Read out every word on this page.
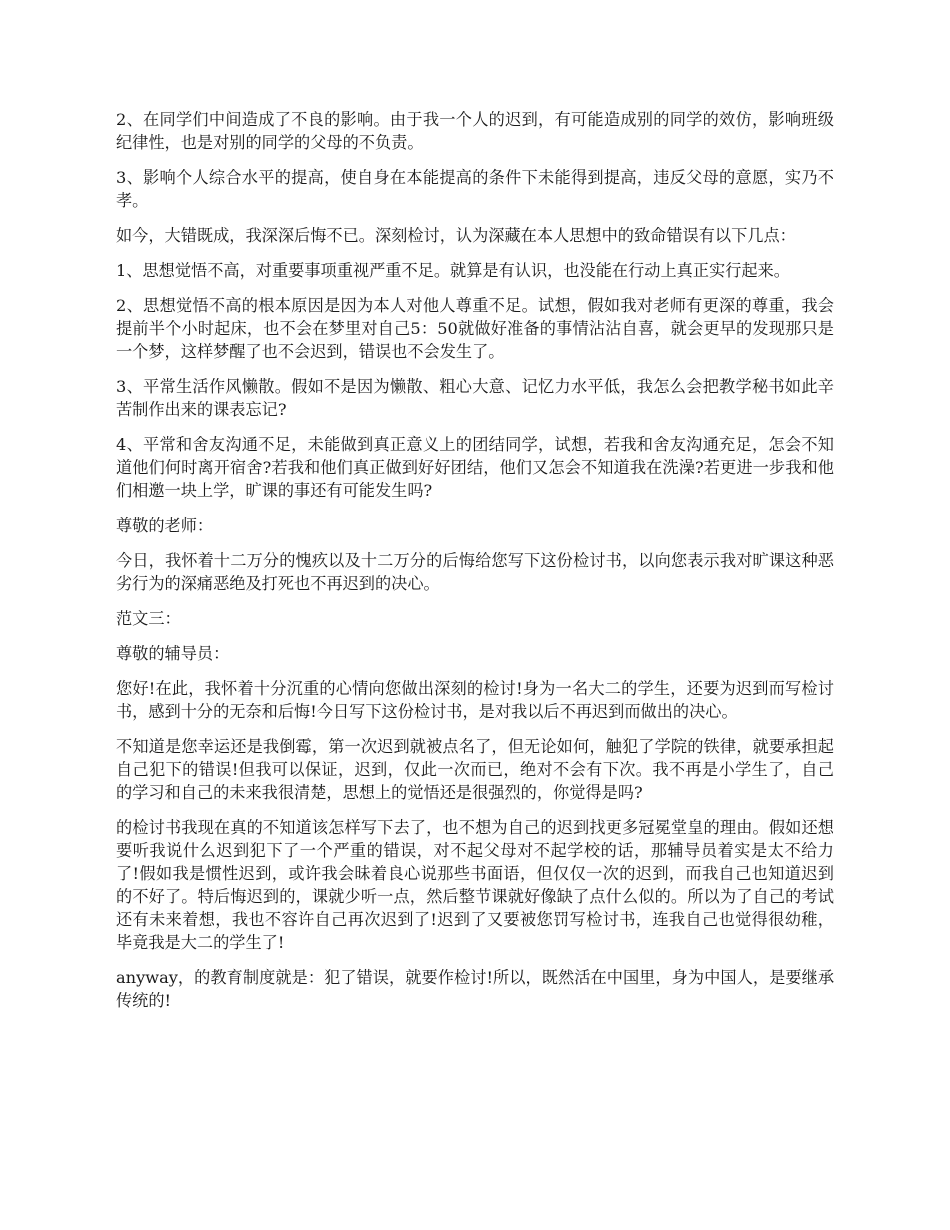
2、在同学们中间造成了不良的影响。由于我一个人的迟到，有可能造成别的同学的效仿，影响班级纪律性，也是对别的同学的父母的不负责。

3、影响个人综合水平的提高，使自身在本能提高的条件下未能得到提高，违反父母的意愿，实乃不孝。

如今，大错既成，我深深后悔不已。深刻检讨，认为深藏在本人思想中的致命错误有以下几点：

1、思想觉悟不高，对重要事项重视严重不足。就算是有认识，也没能在行动上真正实行起来。

2、思想觉悟不高的根本原因是因为本人对他人尊重不足。试想，假如我对老师有更深的尊重，我会提前半个小时起床，也不会在梦里对自己5：50就做好准备的事情沾沾自喜，就会更早的发现那只是一个梦，这样梦醒了也不会迟到，错误也不会发生了。

3、平常生活作风懒散。假如不是因为懒散、粗心大意、记忆力水平低，我怎么会把教学秘书如此辛苦制作出来的课表忘记?

4、平常和舍友沟通不足，未能做到真正意义上的团结同学，试想，若我和舍友沟通充足，怎会不知道他们何时离开宿舍?若我和他们真正做到好好团结，他们又怎会不知道我在洗澡?若更进一步我和他们相邀一块上学，旷课的事还有可能发生吗?

尊敬的老师：

今日，我怀着十二万分的愧疚以及十二万分的后悔给您写下这份检讨书，以向您表示我对旷课这种恶劣行为的深痛恶绝及打死也不再迟到的决心。

范文三：

尊敬的辅导员：

您好!在此，我怀着十分沉重的心情向您做出深刻的检讨!身为一名大二的学生，还要为迟到而写检讨书，感到十分的无奈和后悔!今日写下这份检讨书，是对我以后不再迟到而做出的决心。

不知道是您幸运还是我倒霉，第一次迟到就被点名了，但无论如何，触犯了学院的铁律，就要承担起自己犯下的错误!但我可以保证，迟到，仅此一次而已，绝对不会有下次。我不再是小学生了，自己的学习和自己的未来我很清楚，思想上的觉悟还是很强烈的，你觉得是吗?

的检讨书我现在真的不知道该怎样写下去了，也不想为自己的迟到找更多冠冕堂皇的理由。假如还想要听我说什么迟到犯下了一个严重的错误，对不起父母对不起学校的话，那辅导员着实是太不给力了!假如我是惯性迟到，或许我会昧着良心说那些书面语，但仅仅一次的迟到，而我自己也知道迟到的不好了。特后悔迟到的，课就少听一点，然后整节课就好像缺了点什么似的。所以为了自己的考试还有未来着想，我也不容许自己再次迟到了!迟到了又要被您罚写检讨书，连我自己也觉得很幼稚，毕竟我是大二的学生了!

anyway，的教育制度就是：犯了错误，就要作检讨!所以，既然活在中国里，身为中国人，是要继承传统的!
